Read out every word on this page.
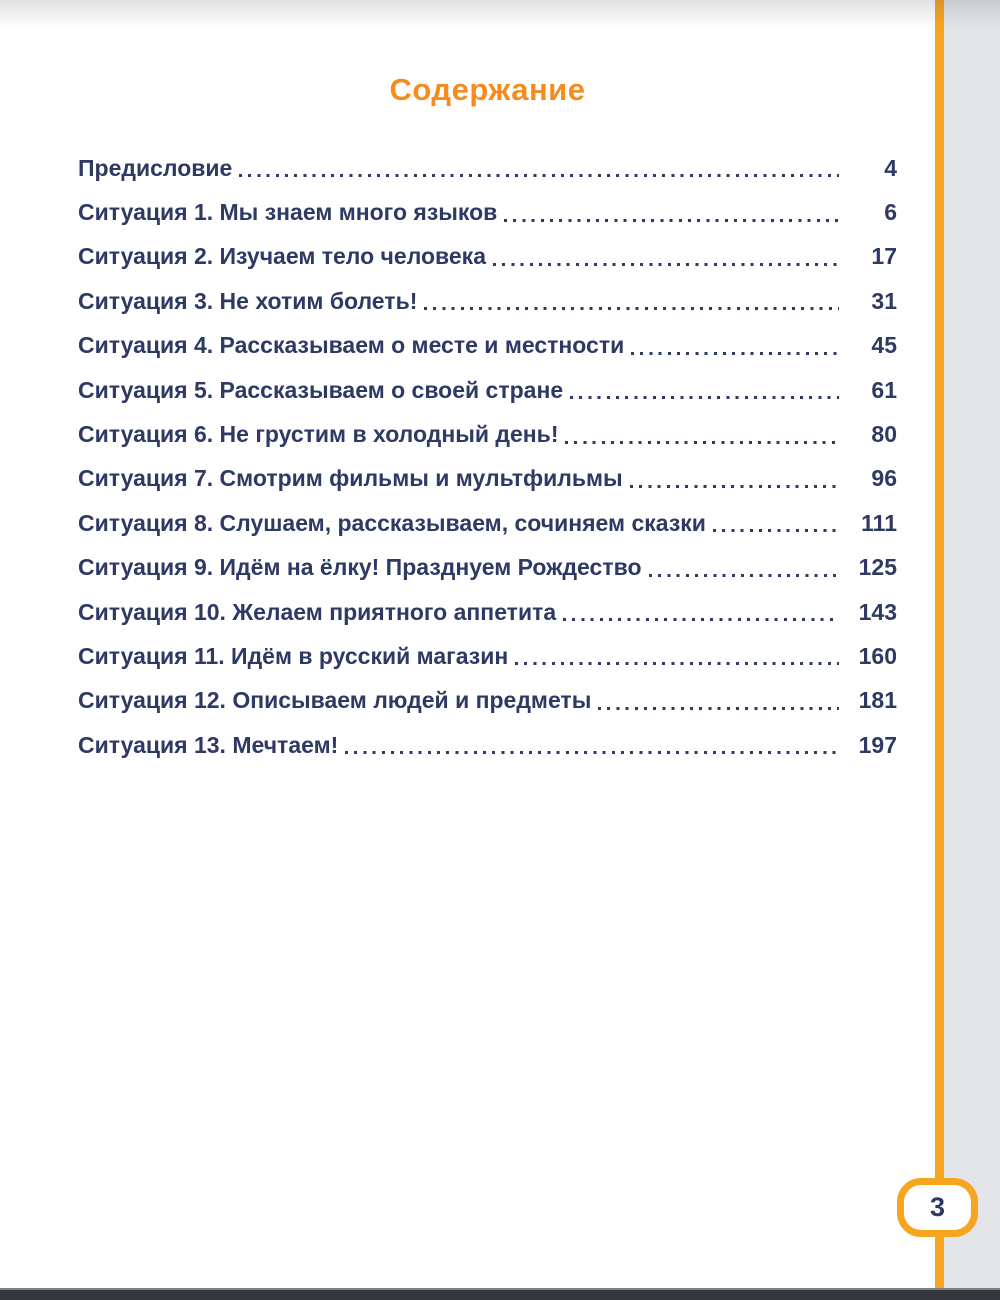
Содержание
Предисловие	4
Ситуация 1. Мы знаем много языков	6
Ситуация 2. Изучаем тело человека	17
Ситуация 3. Не хотим болеть!	31
Ситуация 4. Рассказываем о месте и местности	45
Ситуация 5. Рассказываем о своей стране	61
Ситуация 6. Не грустим в холодный день!	80
Ситуация 7. Смотрим фильмы и мультфильмы	96
Ситуация 8. Слушаем, рассказываем, сочиняем сказки	111
Ситуация 9. Идём на ёлку! Празднуем Рождество	125
Ситуация 10. Желаем приятного аппетита	143
Ситуация 11. Идём в русский магазин	160
Ситуация 12. Описываем людей и предметы	181
Ситуация 13. Мечтаем!	197
3
